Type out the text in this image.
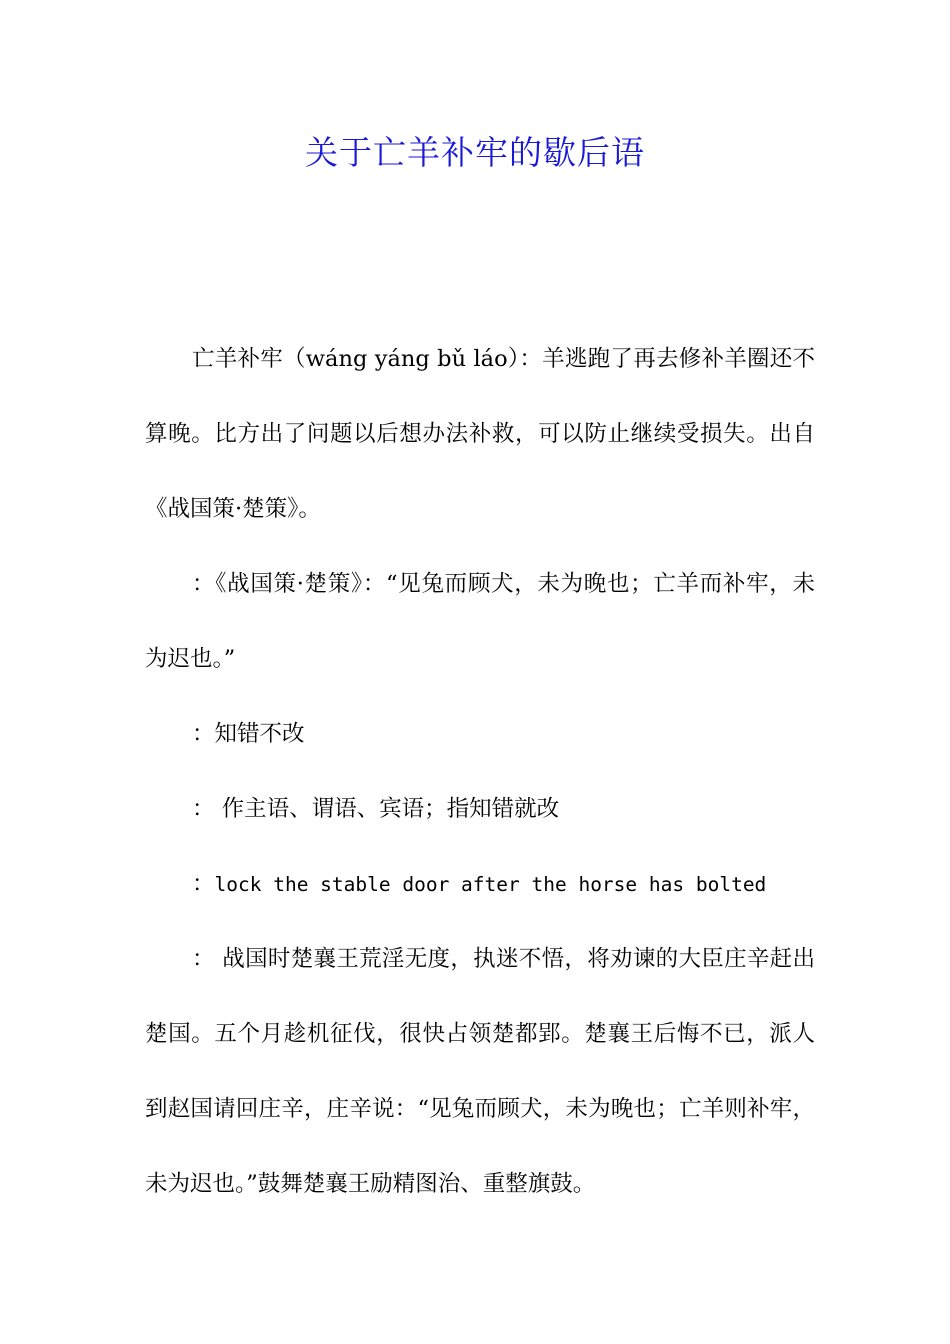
关于亡羊补牢的歇后语

亡羊补牢（wáng yáng bǔ láo）：羊逃跑了再去修补羊圈还不算晚。比方出了问题以后想办法补救，可以防止继续受损失。出自 《战国策·楚策》。

：《战国策·楚策》：“见兔而顾犬，未为晚也；亡羊而补牢，未为迟也。”

：知错不改

： 作主语、谓语、宾语；指知错就改

：lock the stable door after the horse has bolted

： 战国时楚襄王荒淫无度，执迷不悟，将劝谏的大臣庄辛赶出楚国。五个月趁机征伐，很快占领楚都郢。楚襄王后悔不已，派人到赵国请回庄辛，庄辛说：“见兔而顾犬，未为晚也；亡羊则补牢，未为迟也。”鼓舞楚襄王励精图治、重整旗鼓。
